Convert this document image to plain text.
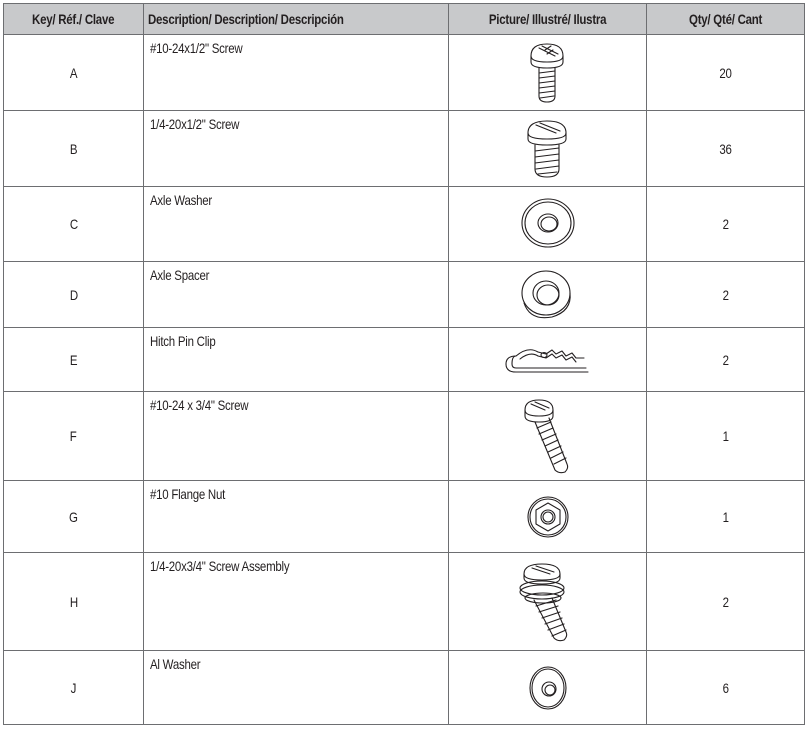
Key/ Réf./ Clave	Description/ Description/ Descripción	Picture/ Illustré/ Ilustra	Qty/ Qté/ Cant
A	#10-24x1/2" Screw		20
B	1/4-20x1/2" Screw		36
C	Axle Washer		2
D	Axle Spacer		2
E	Hitch Pin Clip		2
F	#10-24 x 3/4" Screw		1
G	#10 Flange Nut		1
H	1/4-20x3/4" Screw Assembly		2
J	Al Washer		6
